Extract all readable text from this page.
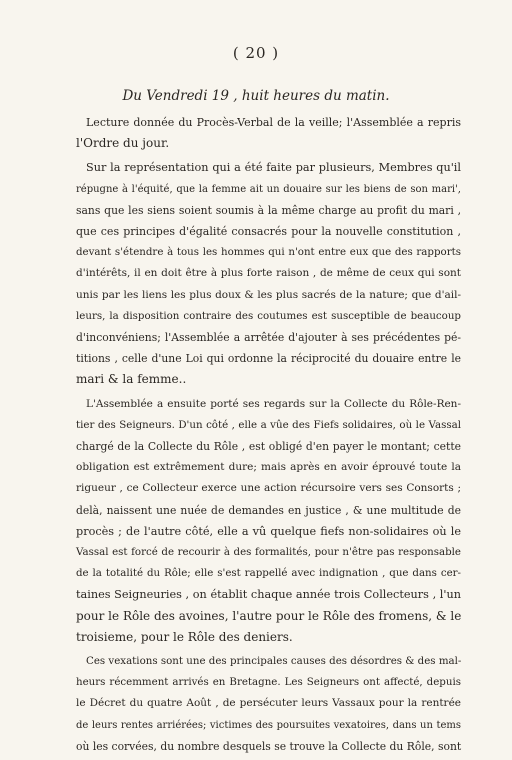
( 20 )
Du Vendredi 19 , huit heures du matin.
Lecture donnée du Procès-Verbal de la veille; l'Assemblée a repris
l'Ordre du jour.
Sur la représentation qui a été faite par plusieurs, Membres qu'il
répugne à l'équité, que la femme ait un douaire sur les biens de son mari',
sans que les siens soient soumis à la même charge au profit du mari ,
que ces principes d'égalité consacrés pour la nouvelle constitution ,
devant s'étendre à tous les hommes qui n'ont entre eux que des rapports
d'intérêts, il en doit être à plus forte raison , de même de ceux qui sont
unis par les liens les plus doux & les plus sacrés de la nature; que d'ail-
leurs, la disposition contraire des coutumes est susceptible de beaucoup
d'inconvéniens; l'Assemblée a arrêtée d'ajouter à ses précédentes pé-
titions , celle d'une Loi qui ordonne la réciprocité du douaire entre le
mari & la femme..
L'Assemblée a ensuite porté ses regards sur la Collecte du Rôle-Ren-
tier des Seigneurs. D'un côté , elle a vûe des Fiefs solidaires, où le Vassal
chargé de la Collecte du Rôle , est obligé d'en payer le montant; cette
obligation est extrêmement dure; mais après en avoir éprouvé toute la
rigueur , ce Collecteur exerce une action récursoire vers ses Consorts ;
delà, naissent une nuée de demandes en justice , & une multitude de
procès ; de l'autre côté, elle a vû quelque fiefs non-solidaires où le
Vassal est forcé de recourir à des formalités, pour n'être pas responsable
de la totalité du Rôle; elle s'est rappellé avec indignation , que dans cer-
taines Seigneuries , on établit chaque année trois Collecteurs , l'un
pour le Rôle des avoines, l'autre pour le Rôle des fromens, & le
troisieme, pour le Rôle des deniers.
Ces vexations sont une des principales causes des désordres & des mal-
heurs récemment arrivés en Bretagne. Les Seigneurs ont affecté, depuis
le Décret du quatre Août , de persécuter leurs Vassaux pour la rentrée
de leurs rentes arriérées; victimes des poursuites vexatoires, dans un tems
où les corvées, du nombre desquels se trouve la Collecte du Rôle, sont
